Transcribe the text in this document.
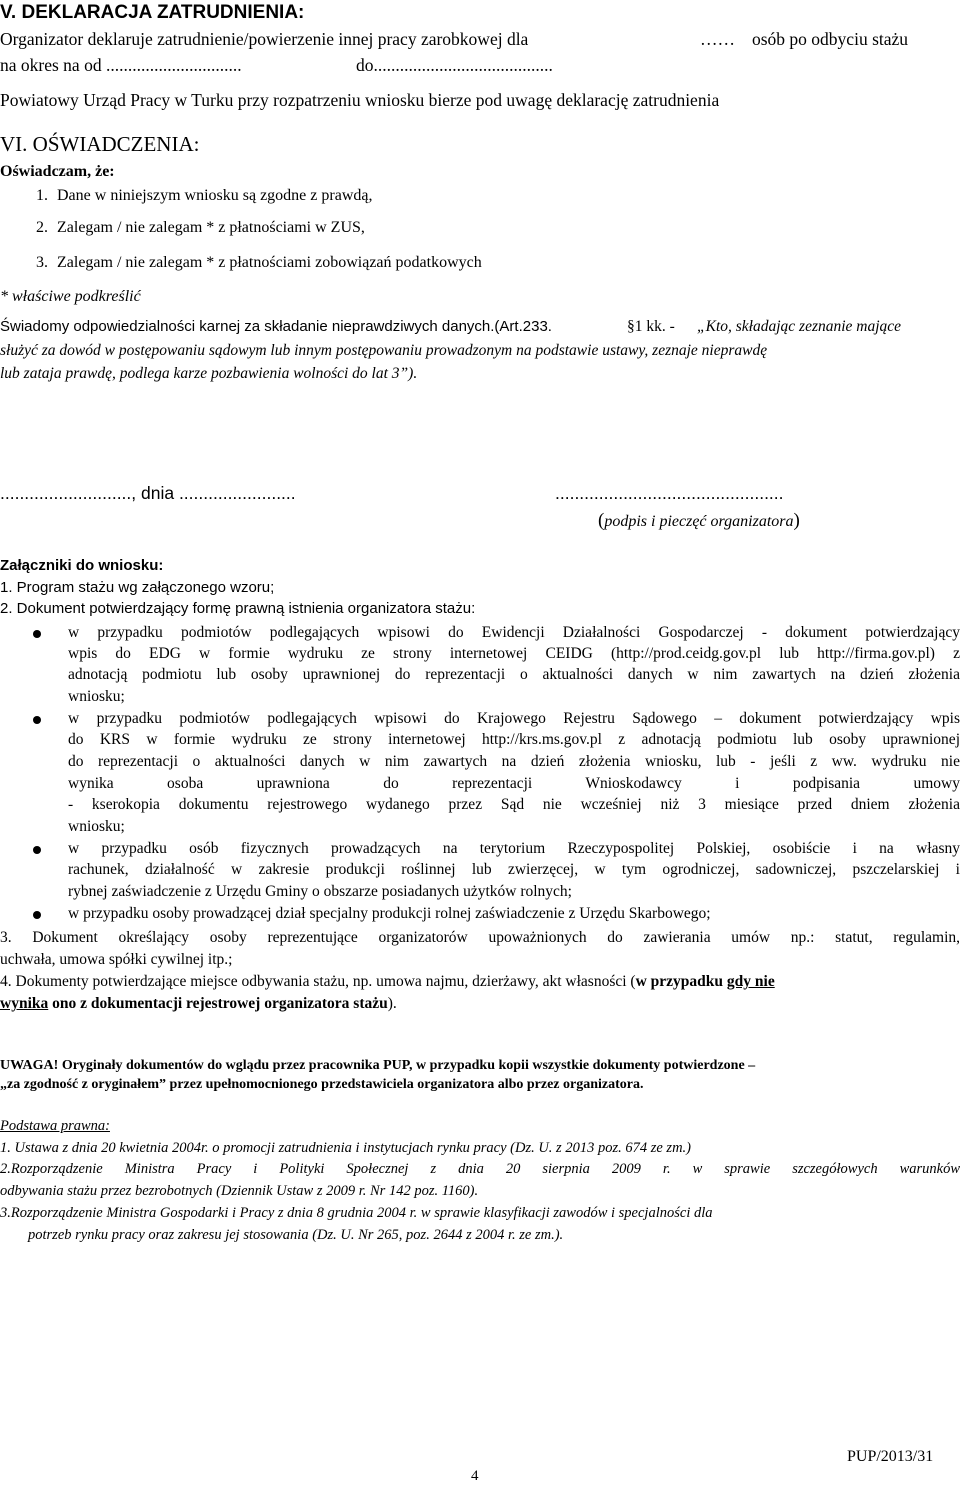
V. DEKLARACJA ZATRUDNIENIA:
Organizator deklaruje zatrudnienie/powierzenie innej pracy zarobkowej dla	…… osób po odbyciu stażu
na okres na od ...............................	do.........................................
Powiatowy Urząd Pracy w Turku przy rozpatrzeniu wniosku bierze pod uwagę deklarację zatrudnienia
VI. OŚWIADCZENIA:
Oświadczam, że:
1. Dane w niniejszym wniosku są zgodne z prawdą,
2. Zalegam / nie zalegam * z płatnościami w ZUS,
3. Zalegam / nie zalegam * z płatnościami zobowiązań podatkowych
* właściwe podkreślić
Świadomy odpowiedzialności karnej za składanie nieprawdziwych danych.(Art.233.	§1 kk. - „Kto, składając zeznanie mające
służyć za dowód w postępowaniu sądowym lub innym postępowaniu prowadzonym na podstawie ustawy, zeznaje nieprawdę
lub zataja prawdę, podlega karze pozbawienia wolności do lat 3”).
..........................., dnia ........................	...............................................
(podpis i pieczęć organizatora)
Załączniki do wniosku:
1. Program stażu wg załączonego wzoru;
2. Dokument potwierdzający formę prawną istnienia organizatora stażu:
w przypadku podmiotów podlegających wpisowi do Ewidencji Działalności Gospodarczej - dokument potwierdzający
wpis do EDG w formie wydruku ze strony internetowej CEIDG (http://prod.ceidg.gov.pl lub http://firma.gov.pl) z
adnotacją podmiotu lub osoby uprawnionej do reprezentacji o aktualności danych w nim zawartych na dzień złożenia
wniosku;
w przypadku podmiotów podlegających wpisowi do Krajowego Rejestru Sądowego – dokument potwierdzający wpis
do KRS w formie wydruku ze strony internetowej http://krs.ms.gov.pl z adnotacją podmiotu lub osoby uprawnionej
do reprezentacji o aktualności danych w nim zawartych na dzień złożenia wniosku, lub - jeśli z ww. wydruku nie
wynika osoba uprawniona do reprezentacji Wnioskodawcy i podpisania umowy
- kserokopia dokumentu rejestrowego wydanego przez Sąd nie wcześniej niż 3 miesiące przed dniem złożenia
wniosku;
w przypadku osób fizycznych prowadzących na terytorium Rzeczypospolitej Polskiej, osobiście i na własny
rachunek, działalność w zakresie produkcji roślinnej lub zwierzęcej, w tym ogrodniczej, sadowniczej, pszczelarskiej i
rybnej zaświadczenie z Urzędu Gminy o obszarze posiadanych użytków rolnych;
w przypadku osoby prowadzącej dział specjalny produkcji rolnej zaświadczenie z Urzędu Skarbowego;
3. Dokument określający osoby reprezentujące organizatorów upoważnionych do zawierania umów np.: statut, regulamin,
uchwała, umowa spółki cywilnej itp.;
4. Dokumenty potwierdzające miejsce odbywania stażu, np. umowa najmu, dzierżawy, akt własności (w przypadku gdy nie
wynika ono z dokumentacji rejestrowej organizatora stażu).
UWAGA! Oryginały dokumentów do wglądu przez pracownika PUP, w przypadku kopii wszystkie dokumenty potwierdzone –
„za zgodność z oryginałem” przez upełnomocnionego przedstawiciela organizatora albo przez organizatora.
Podstawa prawna:
1. Ustawa z dnia 20 kwietnia 2004r. o promocji zatrudnienia i instytucjach rynku pracy (Dz. U. z 2013 poz. 674 ze zm.)
2.Rozporządzenie Ministra Pracy i Polityki Społecznej z dnia 20 sierpnia 2009 r. w sprawie szczegółowych warunków
odbywania stażu przez bezrobotnych (Dziennik Ustaw z 2009 r. Nr 142 poz. 1160).
3.Rozporządzenie Ministra Gospodarki i Pracy z dnia 8 grudnia 2004 r. w sprawie klasyfikacji zawodów i specjalności dla
potrzeb rynku pracy oraz zakresu jej stosowania (Dz. U. Nr 265, poz. 2644 z 2004 r. ze zm.).
4
PUP/2013/31
